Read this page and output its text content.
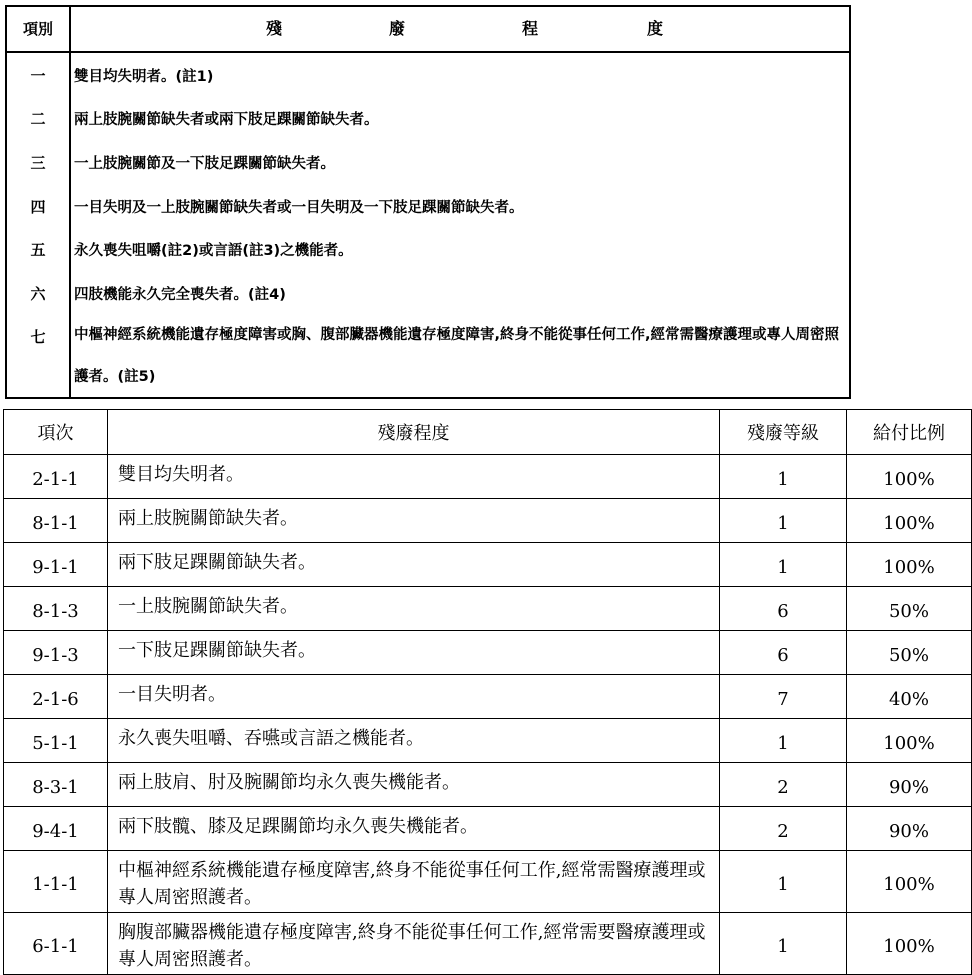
項別	殘	廢	程	度
一	雙目均失明者。(註1)
二	兩上肢腕關節缺失者或兩下肢足踝關節缺失者。
三	一上肢腕關節及一下肢足踝關節缺失者。
四	一目失明及一上肢腕關節缺失者或一目失明及一下肢足踝關節缺失者。
五	永久喪失咀嚼(註2)或言語(註3)之機能者。
六	四肢機能永久完全喪失者。(註4)
七	中樞神經系統機能遺存極度障害或胸、腹部臟器機能遺存極度障害,終身不能從事任何工作,經常需醫療護理或專人周密照護者。(註5)
項次	殘廢程度	殘廢等級	給付比例
2-1-1	雙目均失明者。	1	100%
8-1-1	兩上肢腕關節缺失者。	1	100%
9-1-1	兩下肢足踝關節缺失者。	1	100%
8-1-3	一上肢腕關節缺失者。	6	50%
9-1-3	一下肢足踝關節缺失者。	6	50%
2-1-6	一目失明者。	7	40%
5-1-1	永久喪失咀嚼、吞嚥或言語之機能者。	1	100%
8-3-1	兩上肢肩、肘及腕關節均永久喪失機能者。	2	90%
9-4-1	兩下肢髖、膝及足踝關節均永久喪失機能者。	2	90%
1-1-1	中樞神經系統機能遺存極度障害,終身不能從事任何工作,經常需醫療護理或專人周密照護者。	1	100%
6-1-1	胸腹部臟器機能遺存極度障害,終身不能從事任何工作,經常需要醫療護理或專人周密照護者。	1	100%
